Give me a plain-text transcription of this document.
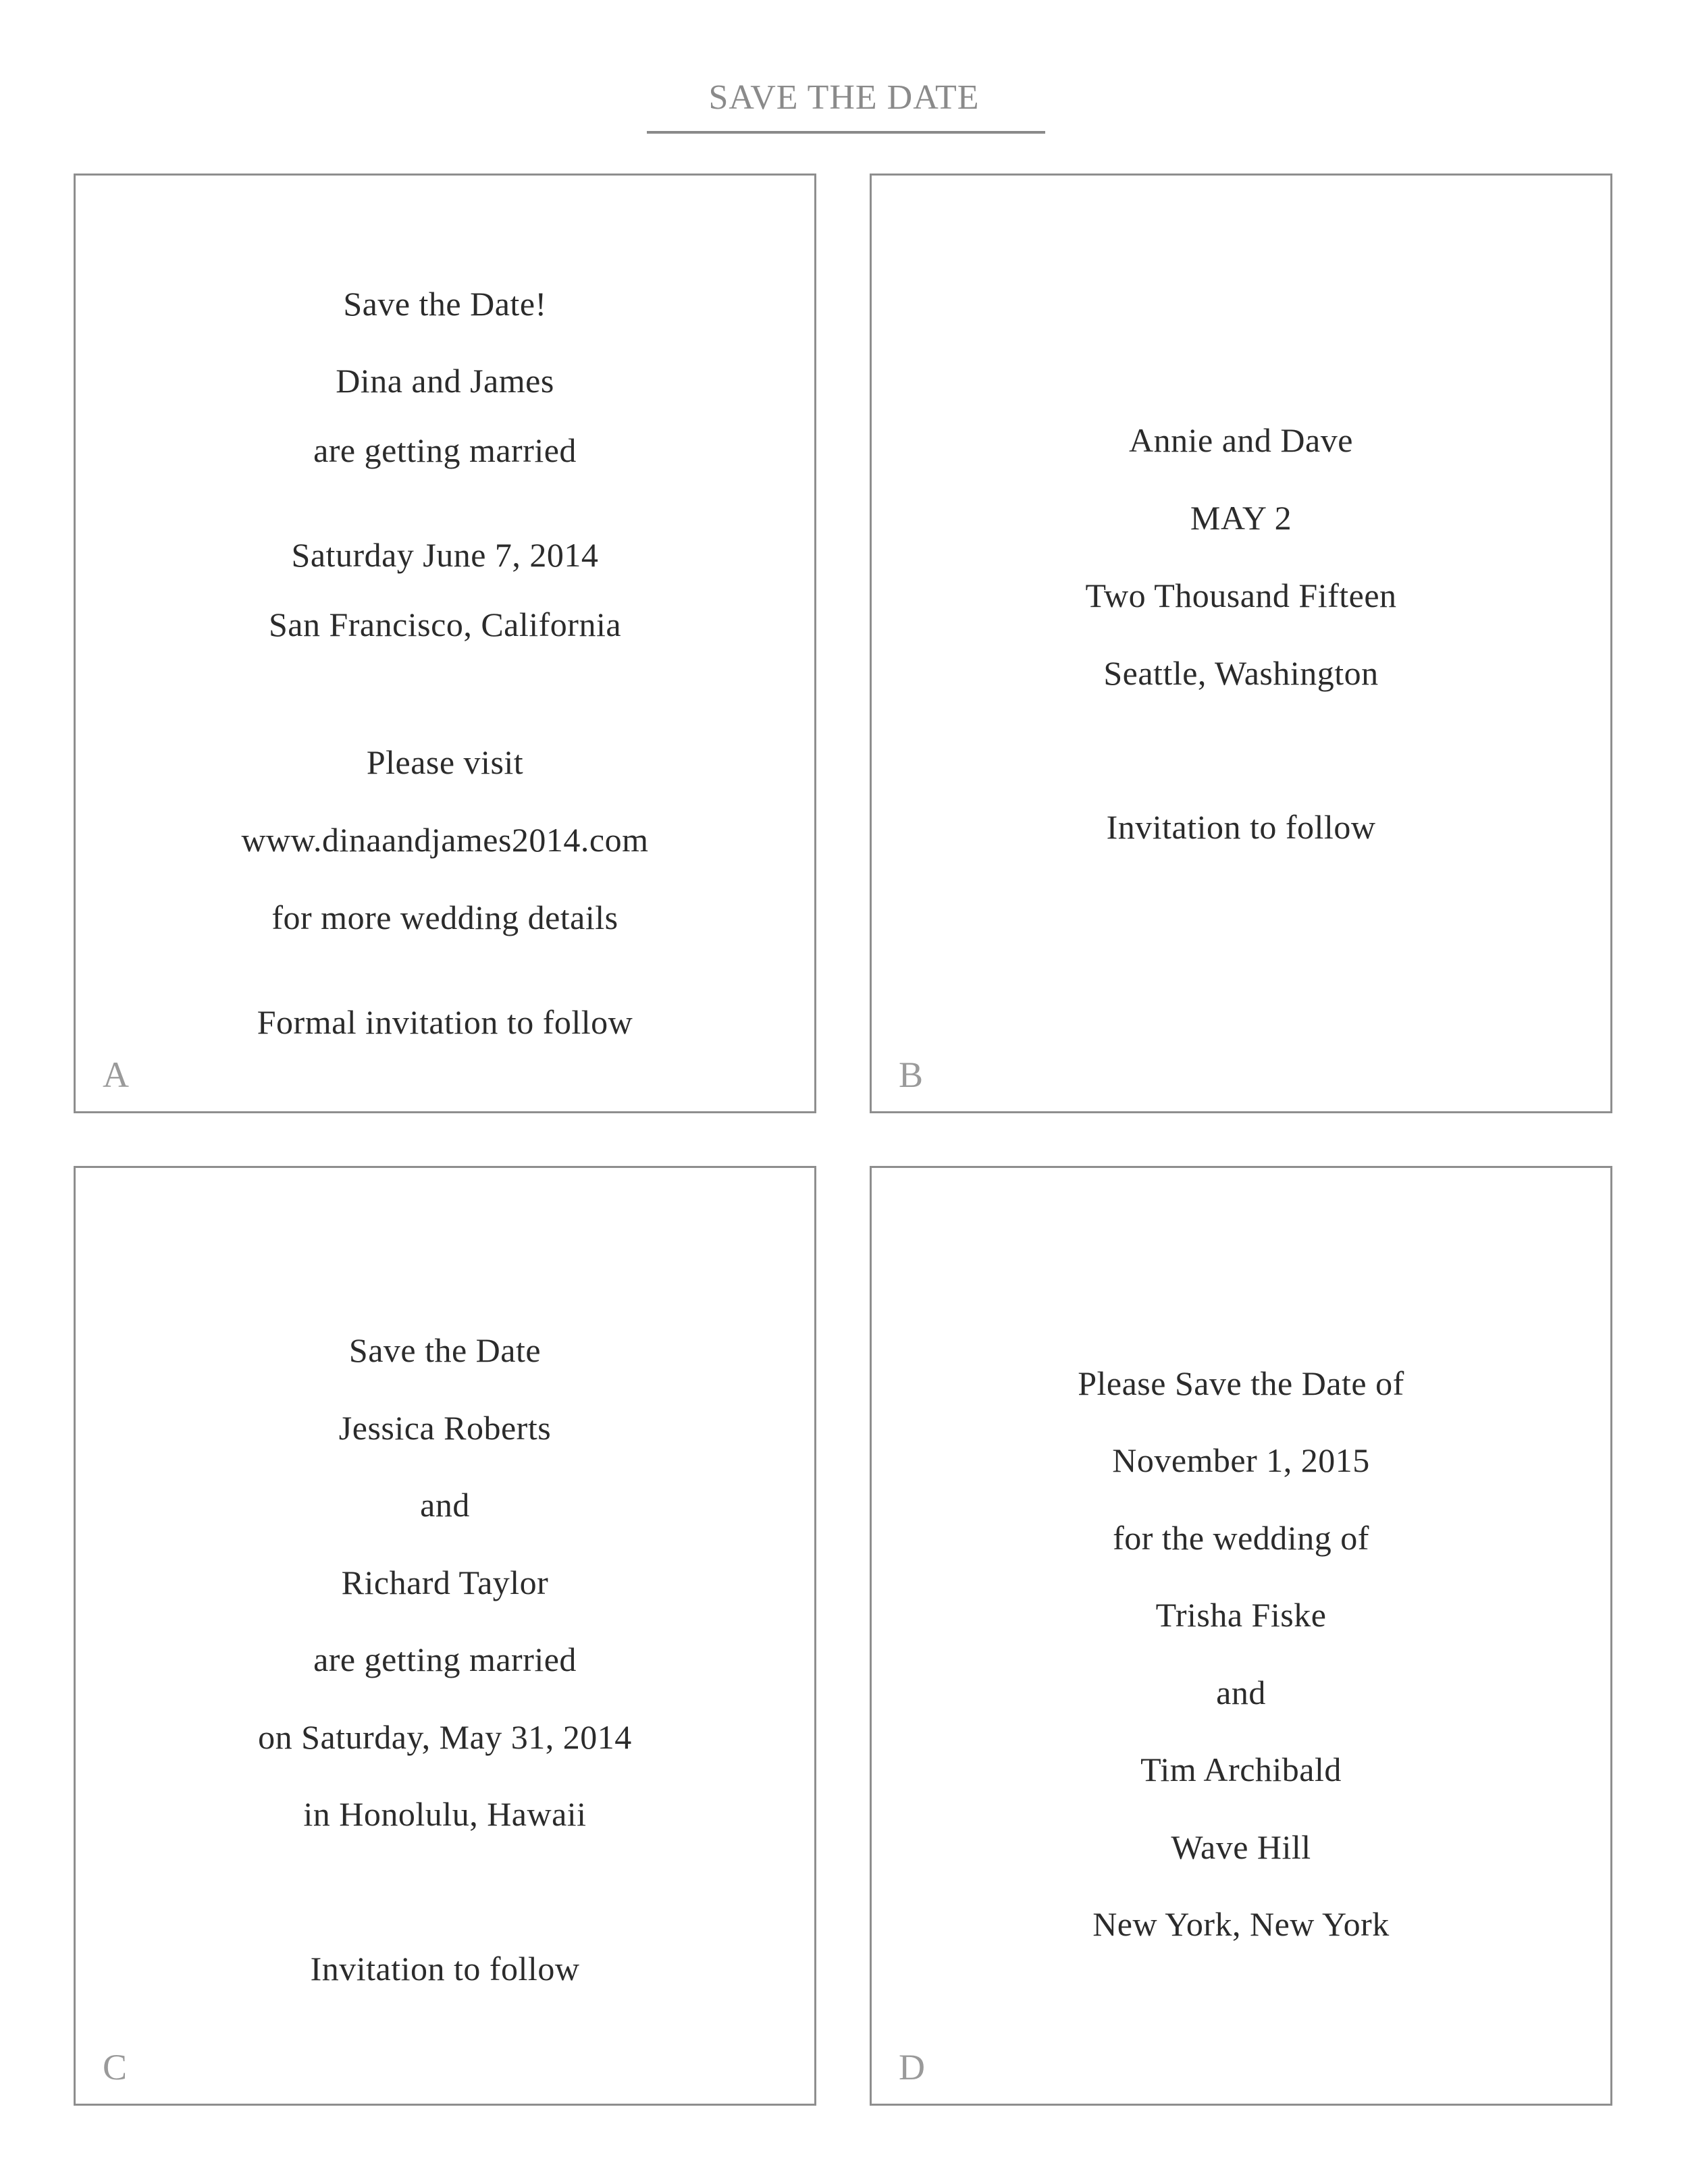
SAVE THE DATE
Save the Date!
Dina and James
are getting married
Saturday June 7, 2014
San Francisco, California
Please visit
www.dinaandjames2014.com
for more wedding details
Formal invitation to follow
A
Annie and Dave
MAY 2
Two Thousand Fifteen
Seattle, Washington
Invitation to follow
B
Save the Date
Jessica Roberts
and
Richard Taylor
are getting married
on Saturday, May 31, 2014
in Honolulu, Hawaii
Invitation to follow
C
Please Save the Date of
November 1, 2015
for the wedding of
Trisha Fiske
and
Tim Archibald
Wave Hill
New York, New York
D
